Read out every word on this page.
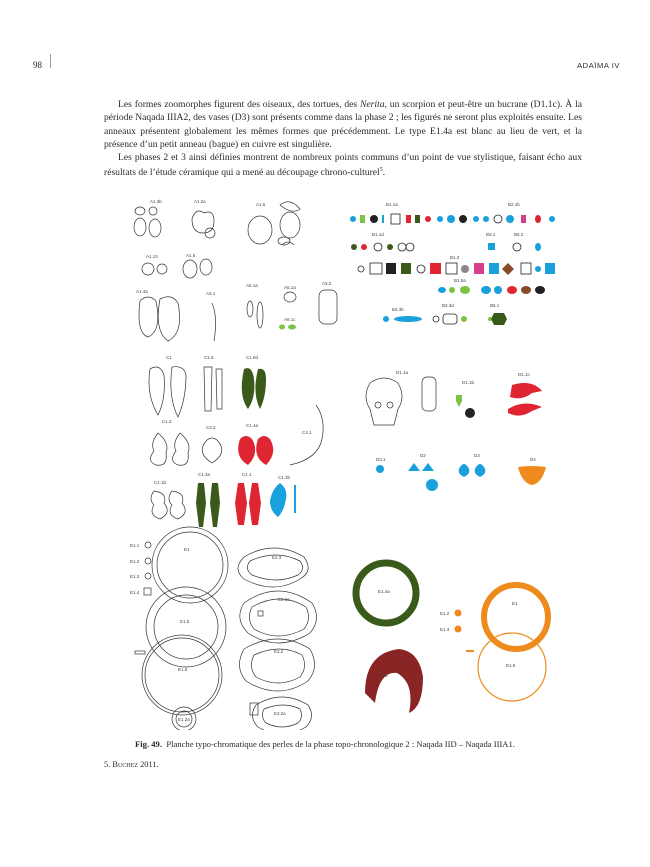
98	ADAÏMA IV

Les formes zoomorphes figurent des oiseaux, des tortues, des Nerita, un scorpion et peut-être un bucrane (D1.1c). À la période Naqada IIIA2, des vases (D3) sont présents comme dans la phase 2 ; les figurés ne seront plus exploités ensuite. Les anneaux présentent globalement les mêmes formes que précédemment. Le type E1.4a est blanc au lieu de vert, et la présence d’un petit anneau (bague) en cuivre est singulière.

Les phases 2 et 3 ainsi définies montrent de nombreux points communs d’un point de vue stylistique, faisant écho aux résultats de l’étude céramique qui a mené au découpage chrono-culturel$^5$.

A1.3b	A1.2a
A1.5
A1.13	A1.6
A1.4a	A3.1
A5.1a	A5.1a
A6.1c
A3.2
B1.1a	B2.1b
B1.1d	B3.1	B5.2
B1.3
B1.5a
B3.3b
B3.3d	B5.1
C1	C1.6	C1.6d
C1.2
C3.2	C1.4a
C4.1
C1.3a	C1.1
C1.1b
C1.3b
D1.1a
D1.1b
D1.1c
D3.1
D2	D3
D4
E1.1
E1.2
E1.3
E1.4
E1
E2.3
E2.1a
E1.5
E2.2
E1.6
E1.2a
E2.2a
E1.4a
E5
E1.2
E1.3
E1
E1.6
Fig. 49. Planche typo-chromatique des perles de la phase topo-chronologique 2 : Naqada IID – Naqada IIIA1.
5. Buchez 2011.
